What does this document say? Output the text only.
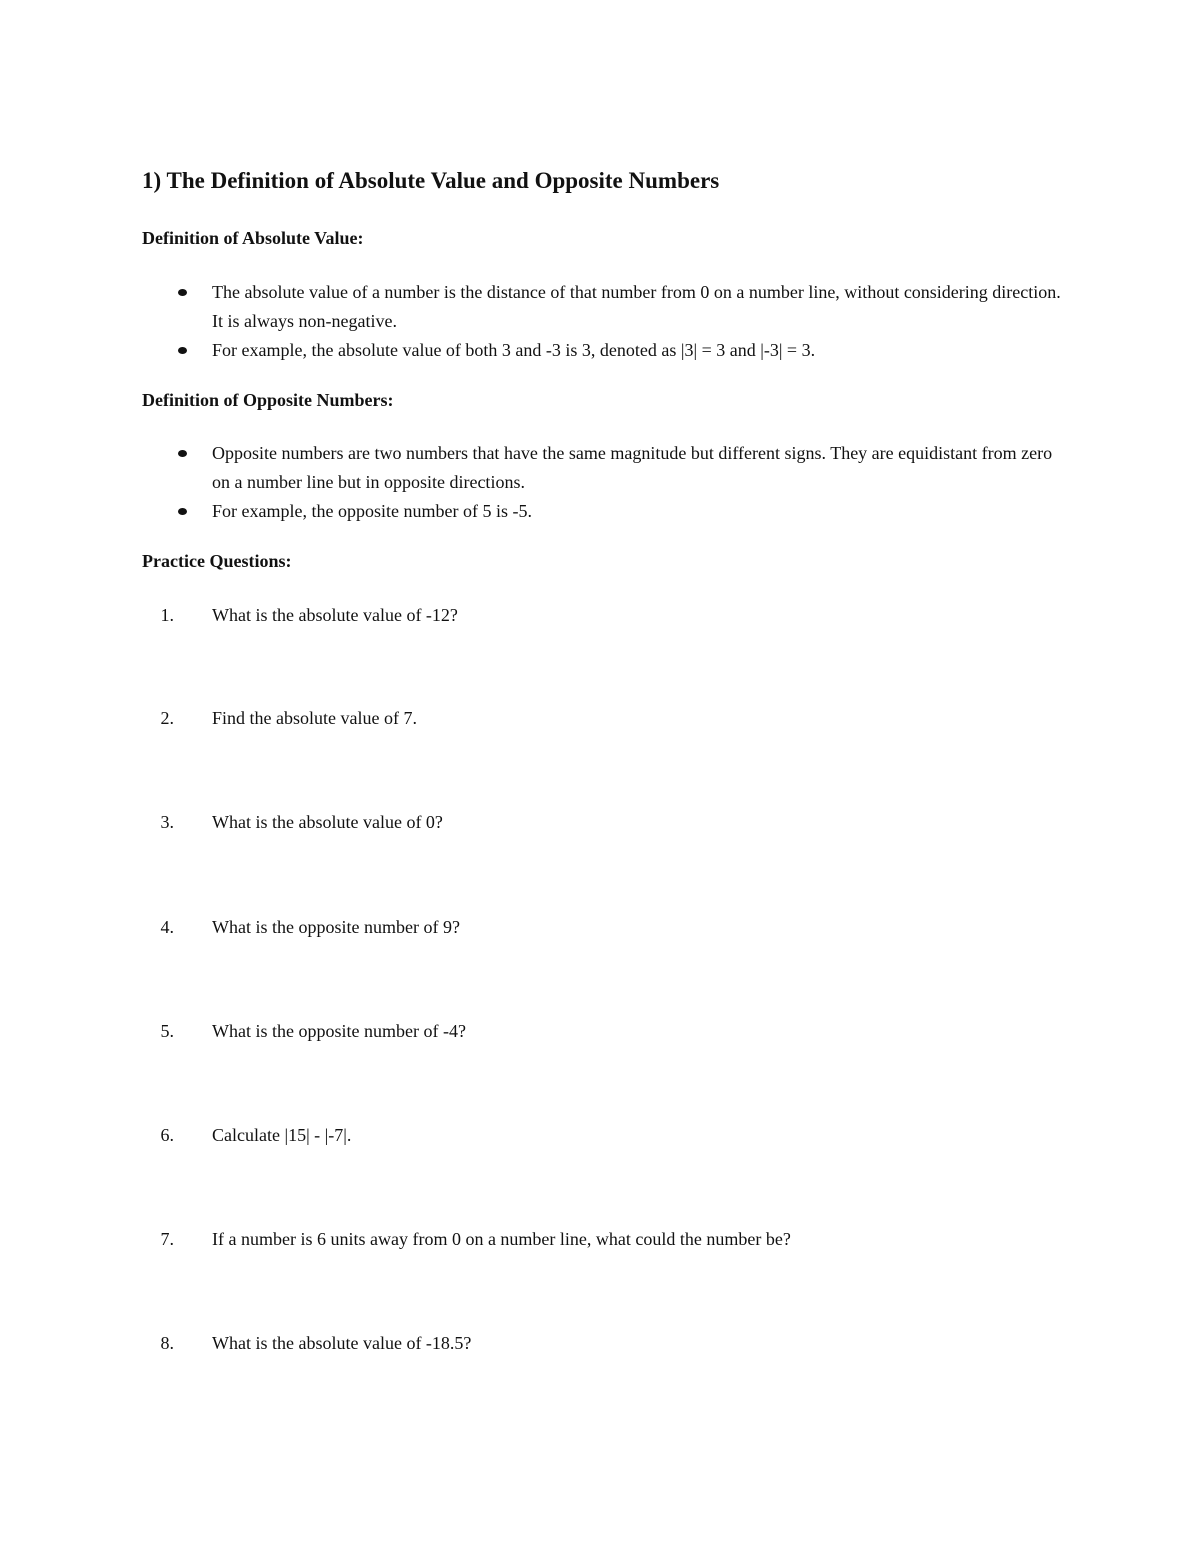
1) The Definition of Absolute Value and Opposite Numbers
Definition of Absolute Value:
The absolute value of a number is the distance of that number from 0 on a number line, without considering direction. It is always non-negative.
For example, the absolute value of both 3 and -3 is 3, denoted as |3| = 3 and |-3| = 3.
Definition of Opposite Numbers:
Opposite numbers are two numbers that have the same magnitude but different signs. They are equidistant from zero on a number line but in opposite directions.
For example, the opposite number of 5 is -5.
Practice Questions:
1. What is the absolute value of -12?
2. Find the absolute value of 7.
3. What is the absolute value of 0?
4. What is the opposite number of 9?
5. What is the opposite number of -4?
6. Calculate |15| - |-7|.
7. If a number is 6 units away from 0 on a number line, what could the number be?
8. What is the absolute value of -18.5?
